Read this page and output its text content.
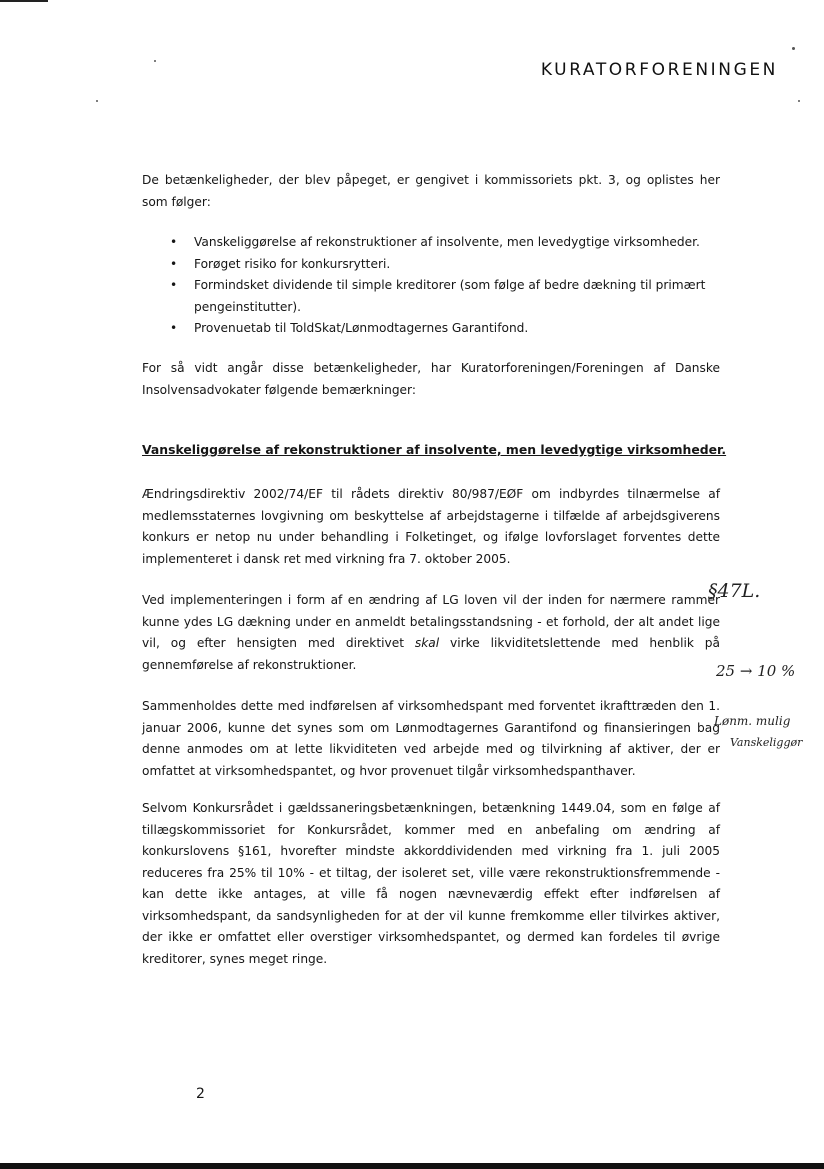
KURATORFORENINGEN

De betænkeligheder, der blev påpeget, er gengivet i kommissoriets pkt. 3, og oplistes her som følger:

• Vanskeliggørelse af rekonstruktioner af insolvente, men levedygtige virksomheder.
• Forøget risiko for konkursrytteri.
• Formindsket dividende til simple kreditorer (som følge af bedre dækning til primært pengeinstitutter).
• Provenuetab til ToldSkat/Lønmodtagernes Garantifond.

For så vidt angår disse betænkeligheder, har Kuratorforeningen/Foreningen af Danske Insolvensadvokater følgende bemærkninger:

Vanskeliggørelse af rekonstruktioner af insolvente, men levedygtige virksomheder.

Ændringsdirektiv 2002/74/EF til rådets direktiv 80/987/EØF om indbyrdes tilnærmelse af medlemsstaternes lovgivning om beskyttelse af arbejdstagerne i tilfælde af arbejdsgiverens konkurs er netop nu under behandling i Folketinget, og ifølge lovforslaget forventes dette implementeret i dansk ret med virkning fra 7. oktober 2005.

Ved implementeringen i form af en ændring af LG loven vil der inden for nærmere rammer kunne ydes LG dækning under en anmeldt betalingsstandsning - et forhold, der alt andet lige vil, og efter hensigten med direktivet skal virke likviditetslettende med henblik på gennemførelse af rekonstruktioner.

Sammenholdes dette med indførelsen af virksomhedspant med forventet ikrafttræden den 1. januar 2006, kunne det synes som om Lønmodtagernes Garantifond og finansieringen bag denne anmodes om at lette likviditeten ved arbejde med og tilvirkning af aktiver, der er omfattet at virksomhedspantet, og hvor provenuet tilgår virksomhedspanthaver.

Selvom Konkursrådet i gældssaneringsbetænkningen, betænkning 1449.04, som en følge af tillægskommissoriet for Konkursrådet, kommer med en anbefaling om ændring af konkurslovens §161, hvorefter mindste akkorddividenden med virkning fra 1. juli 2005 reduceres fra 25% til 10% - et tiltag, der isoleret set, ville være rekonstruktionsfremmende - kan dette ikke antages, at ville få nogen nævneværdig effekt efter indførelsen af virksomhedspant, da sandsynligheden for at der vil kunne fremkomme eller tilvirkes aktiver, der ikke er omfattet eller overstiger virksomhedspantet, og dermed kan fordeles til øvrige kreditorer, synes meget ringe.

§47L.
25 → 10 %
Lønm. mulig
Vanskeliggør
2
